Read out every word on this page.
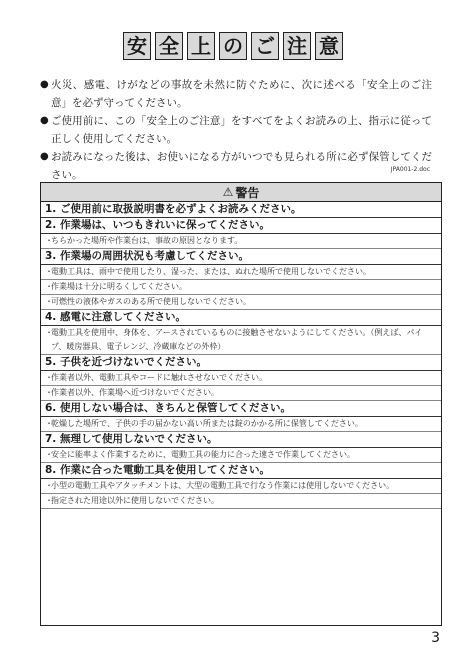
安 全 上 の ご 注 意
● 火災、感電、けがなどの事故を未然に防ぐために、次に述べる「安全上のご注意」を必ず守ってください。
● ご使用前に、この「安全上のご注意」をすべてをよくお読みの上、指示に従って正しく使用してください。
● お読みになった後は、お使いになる方がいつでも見られる所に必ず保管してください。	JPA001-2.doc
⚠ 警告
1. ご使用前に取扱説明書を必ずよくお読みください。
2. 作業場は、いつもきれいに保ってください。
・
ちらかった場所や作業台は、事故の原因となります。
3. 作業場の周囲状況も考慮してください。
・
電動工具は、雨中で使用したり、湿った、または、ぬれた場所で使用しないでください。
・
作業場は十分に明るくしてください。
・
可燃性の液体やガスのある所で使用しないでください。
4. 感電に注意してください。
・
電動工具を使用中、身体を、アースされているものに接触させないようにしてください。（例えば、パイプ、暖房器具、電子レンジ、冷蔵庫などの外枠）
5. 子供を近づけないでください。
・
作業者以外、電動工具やコードに触れさせないでください。
・
作業者以外、作業場へ近づけないでください。
6. 使用しない場合は、きちんと保管してください。
・
乾燥した場所で、子供の手の届かない高い所または錠のかかる所に保管してください。
7. 無理して使用しないでください。
・
安全に能率よく作業するために、電動工具の能力に合った速さで作業してください。
8. 作業に合った電動工具を使用してください。
・
小型の電動工具やアタッチメントは、大型の電動工具で行なう作業には使用しないでください。
・
指定された用途以外に使用しないでください。
3
